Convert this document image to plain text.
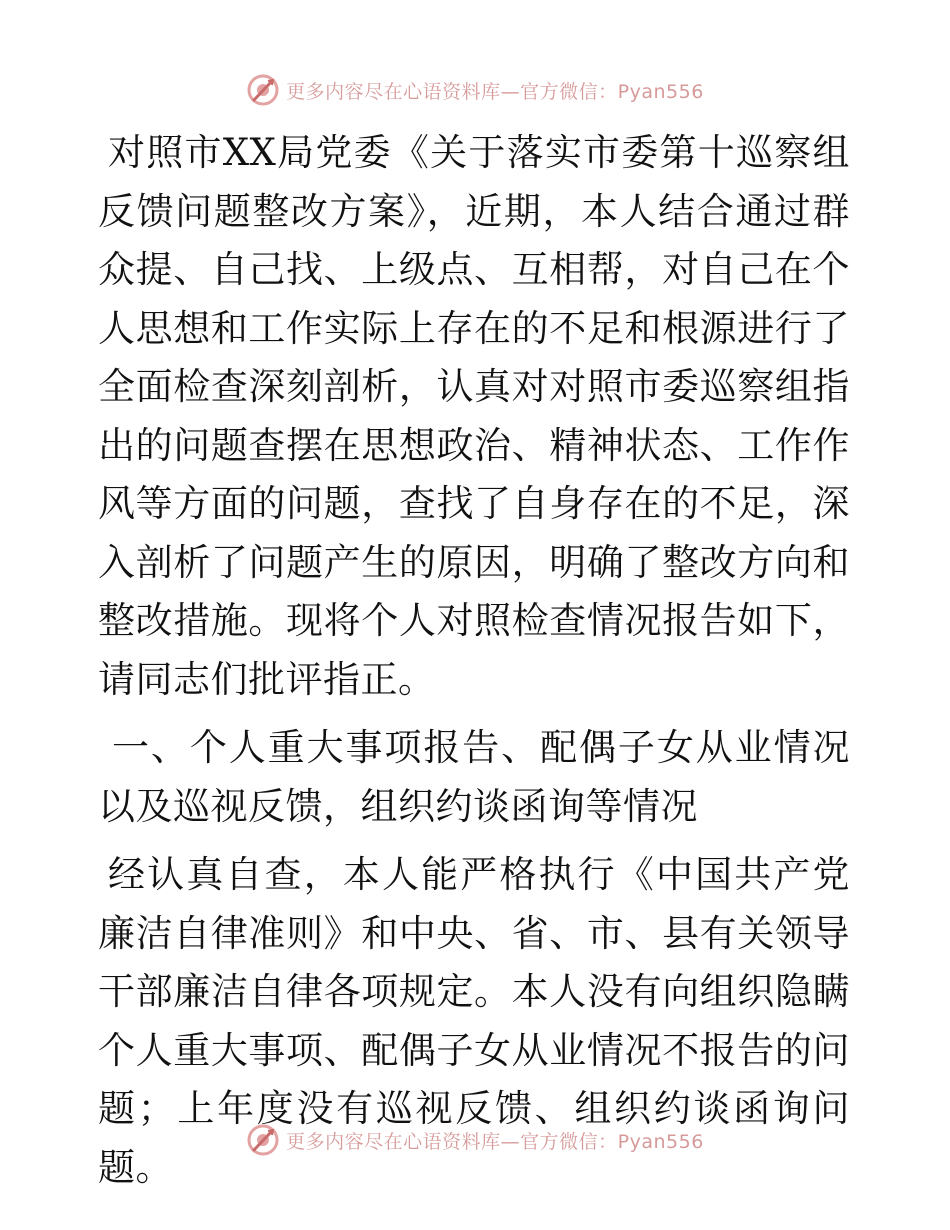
更多内容尽在心语资料库—官方微信：Pyan556

对照市XX局党委《关于落实市委第十巡察组反馈问题整改方案》，近期，本人结合通过群众提、自己找、上级点、互相帮，对自己在个人思想和工作实际上存在的不足和根源进行了全面检查深刻剖析，认真对对照市委巡察组指出的问题查摆在思想政治、精神状态、工作作风等方面的问题，查找了自身存在的不足，深入剖析了问题产生的原因，明确了整改方向和整改措施。现将个人对照检查情况报告如下，请同志们批评指正。

一、个人重大事项报告、配偶子女从业情况以及巡视反馈，组织约谈函询等情况

经认真自查，本人能严格执行《中国共产党廉洁自律准则》和中央、省、市、县有关领导干部廉洁自律各项规定。本人没有向组织隐瞒个人重大事项、配偶子女从业情况不报告的问题；上年度没有巡视反馈、组织约谈函询问题。

更多内容尽在心语资料库—官方微信：Pyan556
